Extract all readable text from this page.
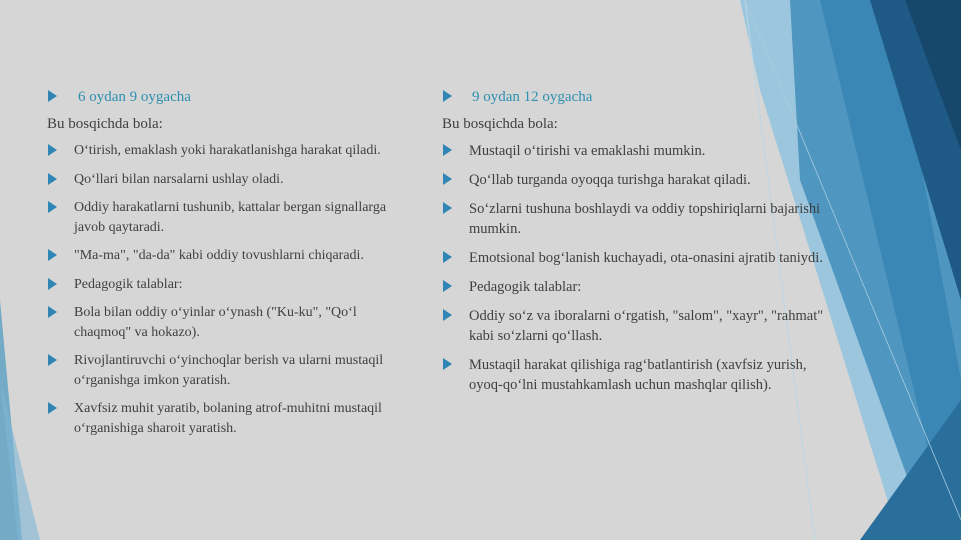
6 oydan 9 oygacha
Bu bosqichda bola:
O‘tirish, emaklash yoki harakatlanishga harakat qiladi.
Qo‘llari bilan narsalarni ushlay oladi.
Oddiy harakatlarni tushunib, kattalar bergan signallarga javob qaytaradi.
"Ma-ma", "da-da" kabi oddiy tovushlarni chiqaradi.
Pedagogik talablar:
Bola bilan oddiy o‘yinlar o‘ynash ("Ku-ku", "Qo‘l chaqmoq" va hokazo).
Rivojlantiruvchi o‘yinchoqlar berish va ularni mustaqil o‘rganishga imkon yaratish.
Xavfsiz muhit yaratib, bolaning atrof-muhitni mustaqil o‘rganishiga sharoit yaratish.
9 oydan 12 oygacha
Bu bosqichda bola:
Mustaqil o‘tirishi va emaklashi mumkin.
Qo‘llab turganda oyoqqa turishga harakat qiladi.
So‘zlarni tushuna boshlaydi va oddiy topshiriqlarni bajarishi mumkin.
Emotsional bog‘lanish kuchayadi, ota-onasini ajratib taniydi.
Pedagogik talablar:
Oddiy so‘z va iboralarni o‘rgatish, "salom", "xayr", "rahmat" kabi so‘zlarni qo‘llash.
Mustaqil harakat qilishiga rag‘batlantirish (xavfsiz yurish, oyoq-qo‘lni mustahkamlash uchun mashqlar qilish).
